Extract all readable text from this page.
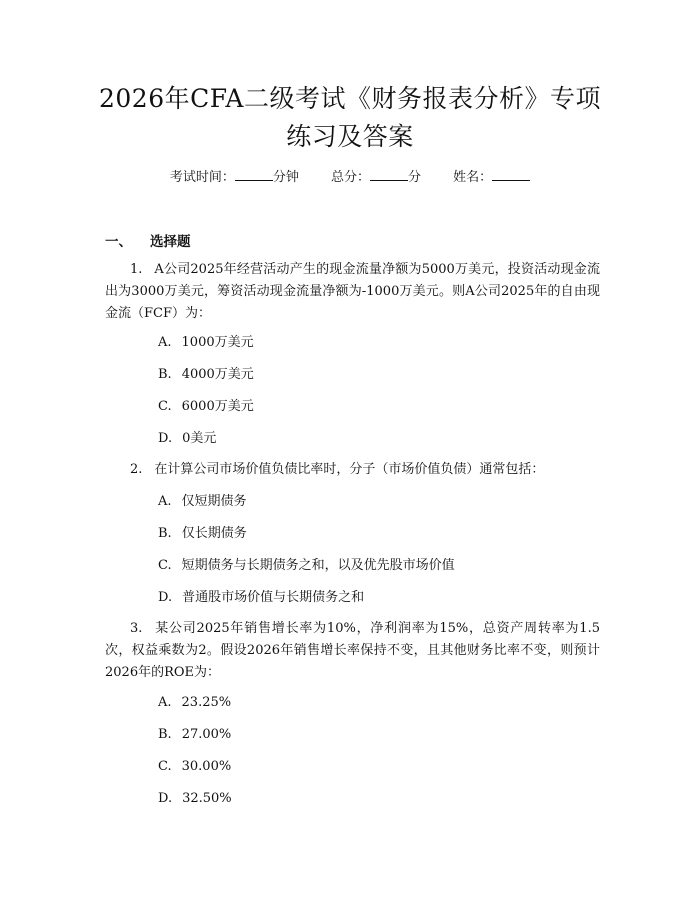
2026年CFA二级考试《财务报表分析》专项
练习及答案
考试时间：	分钟 总分：	分 姓名：
一、 选择题
1. A公司2025年经营活动产生的现金流量净额为5000万美元，投资活动现金流出为3000万美元，筹资活动现金流量净额为-1000万美元。则A公司2025年的自由现金流（FCF）为：
A. 1000万美元
B. 4000万美元
C. 6000万美元
D. 0美元
2. 在计算公司市场价值负债比率时，分子（市场价值负债）通常包括：
A. 仅短期债务
B. 仅长期债务
C. 短期债务与长期债务之和，以及优先股市场价值
D. 普通股市场价值与长期债务之和
3. 某公司2025年销售增长率为10%，净利润率为15%，总资产周转率为1.5次，权益乘数为2。假设2026年销售增长率保持不变，且其他财务比率不变，则预计2026年的ROE为：
A. 23.25%
B. 27.00%
C. 30.00%
D. 32.50%
